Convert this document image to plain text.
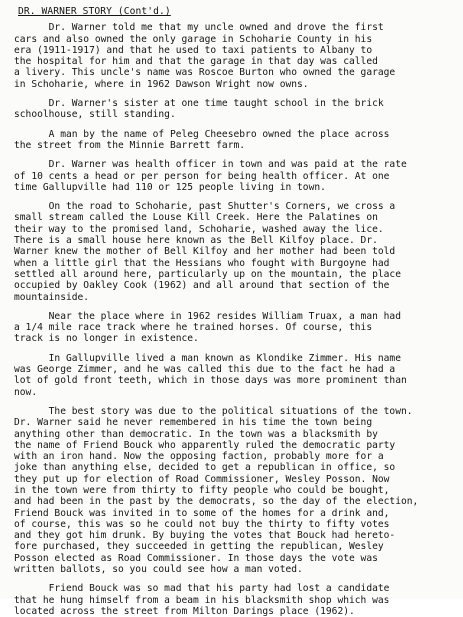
DR. WARNER STORY (Cont'd.)
Dr. Warner told me that my uncle owned and drove the first
cars and also owned the only garage in Schoharie County in his
era (1911-1917) and that he used to taxi patients to Albany to
the hospital for him and that the garage in that day was called
a livery. This uncle's name was Roscoe Burton who owned the garage
in Schoharie, where in 1962 Dawson Wright now owns.
Dr. Warner's sister at one time taught school in the brick
schoolhouse, still standing.
A man by the name of Peleg Cheesebro owned the place across
the street from the Minnie Barrett farm.
Dr. Warner was health officer in town and was paid at the rate
of 10 cents a head or per person for being health officer. At one
time Gallupville had 110 or 125 people living in town.
On the road to Schoharie, past Shutter's Corners, we cross a
small stream called the Louse Kill Creek. Here the Palatines on
their way to the promised land, Schoharie, washed away the lice.
There is a small house here known as the Bell Kilfoy place. Dr.
Warner knew the mother of Bell Kilfoy and her mother had been told
when a little girl that the Hessians who fought with Burgoyne had
settled all around here, particularly up on the mountain, the place
occupied by Oakley Cook (1962) and all around that section of the
mountainside.
Near the place where in 1962 resides William Truax, a man had
a 1/4 mile race track where he trained horses. Of course, this
track is no longer in existence.
In Gallupville lived a man known as Klondike Zimmer. His name
was George Zimmer, and he was called this due to the fact he had a
lot of gold front teeth, which in those days was more prominent than
now.
The best story was due to the political situations of the town.
Dr. Warner said he never remembered in his time the town being
anything other than democratic. In the town was a blacksmith by
the name of Friend Bouck who apparently ruled the democratic party
with an iron hand. Now the opposing faction, probably more for a
joke than anything else, decided to get a republican in office, so
they put up for election of Road Commissioner, Wesley Posson. Now
in the town were from thirty to fifty people who could be bought,
and had been in the past by the democrats, so the day of the election,
Friend Bouck was invited in to some of the homes for a drink and,
of course, this was so he could not buy the thirty to fifty votes
and they got him drunk. By buying the votes that Bouck had hereto-
fore purchased, they succeeded in getting the republican, Wesley
Posson elected as Road Commissioner. In those days the vote was
written ballots, so you could see how a man voted.
Friend Bouck was so mad that his party had lost a candidate
that he hung himself from a beam in his blacksmith shop which was
located across the street from Milton Darings place (1962).
